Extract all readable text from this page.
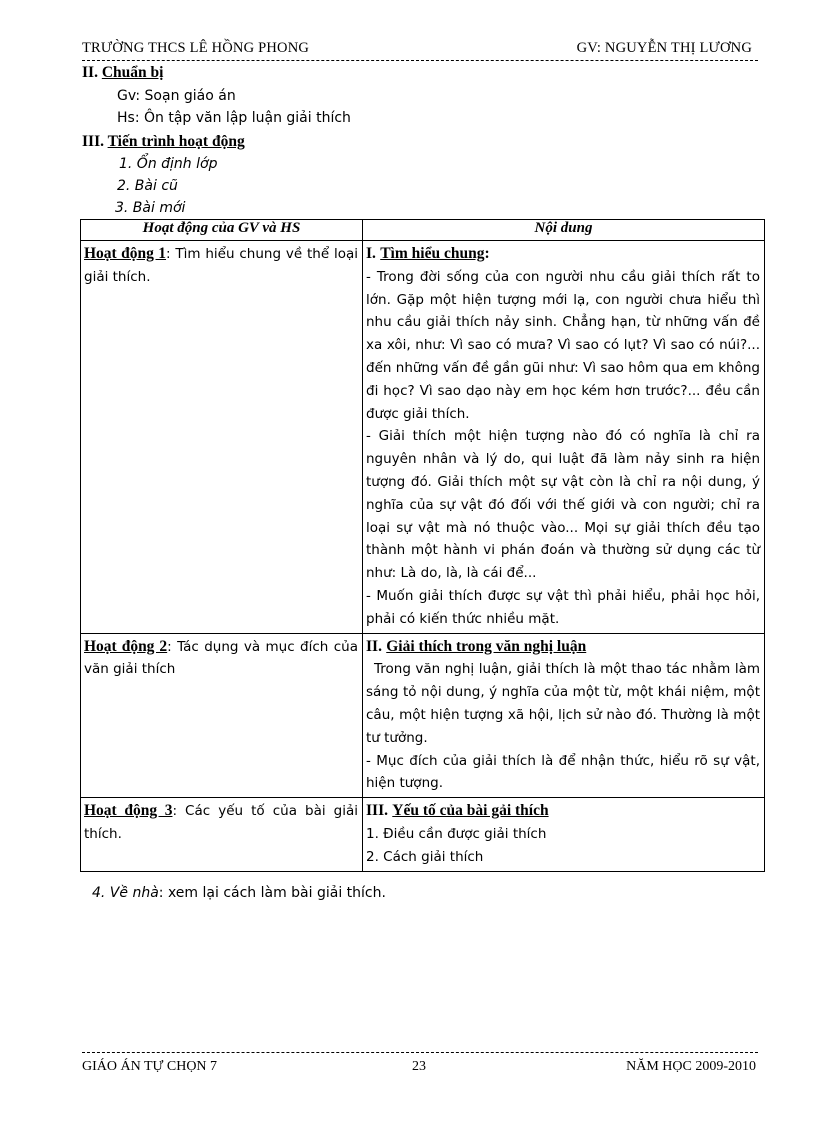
TRƯỜNG THCS LÊ HỒNG PHONG	GV: NGUYỄN THỊ LƯƠNG
II. Chuẩn bị
Gv: Soạn giáo án
Hs: Ôn tập văn lập luận giải thích
III. Tiến trình hoạt động
1. Ổn định lớp
2. Bài cũ
3. Bài mới
Hoạt động của GV và HS	Nội dung
Hoạt động 1: Tìm hiểu chung về thể loại giải thích.	I. Tìm hiểu chung:
- Trong đời sống của con người nhu cầu giải thích rất to lớn. Gặp một hiện tượng mới lạ, con người chưa hiểu thì nhu cầu giải thích nảy sinh. Chẳng hạn, từ những vấn đề xa xôi, như: Vì sao có mưa? Vì sao có lụt? Vì sao có núi?... đến những vấn đề gần gũi như: Vì sao hôm qua em không đi học? Vì sao dạo này em học kém hơn trước?... đều cần được giải thích.
- Giải thích một hiện tượng nào đó có nghĩa là chỉ ra nguyên nhân và lý do, qui luật đã làm nảy sinh ra hiện tượng đó. Giải thích một sự vật còn là chỉ ra nội dung, ý nghĩa của sự vật đó đối với thế giới và con người; chỉ ra loại sự vật mà nó thuộc vào... Mọi sự giải thích đều tạo thành một hành vi phán đoán và thường sử dụng các từ như: Là do, là, là cái để...
- Muốn giải thích được sự vật thì phải hiểu, phải học hỏi, phải có kiến thức nhiều mặt.

Hoạt động 2: Tác dụng và mục đích của văn giải thích	II. Giải thích trong văn nghị luận
Trong văn nghị luận, giải thích là một thao tác nhằm làm sáng tỏ nội dung, ý nghĩa của một từ, một khái niệm, một câu, một hiện tượng xã hội, lịch sử nào đó. Thường là một tư tưởng.
- Mục đích của giải thích là để nhận thức, hiểu rõ sự vật, hiện tượng.

Hoạt động 3: Các yếu tố của bài giải thích.	III. Yếu tố của bài gải thích
1. Điều cần được giải thích
2. Cách giải thích
4. Về nhà: xem lại cách làm bài giải thích.
GIÁO ÁN TỰ CHỌN 7	23	NĂM HỌC 2009-2010
